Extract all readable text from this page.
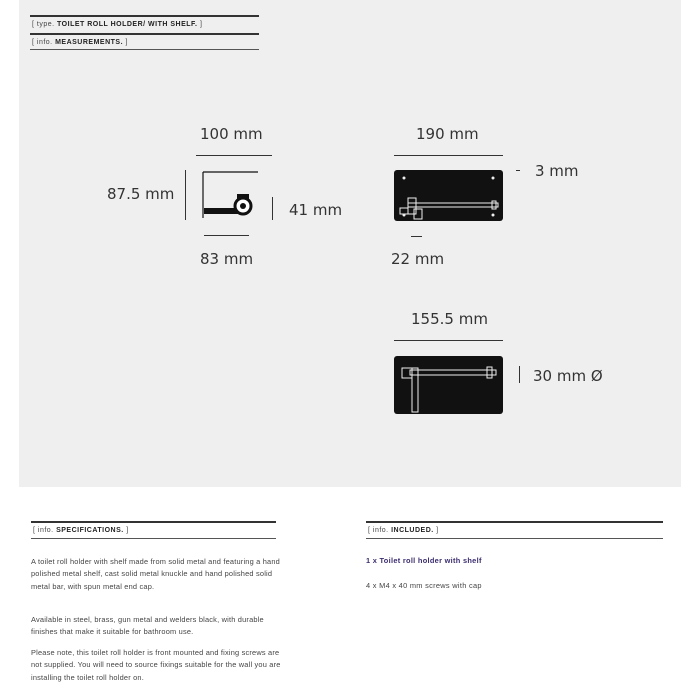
[ type. TOILET ROLL HOLDER/ WITH SHELF. ]
[ info. MEASUREMENTS. ]
100 mm
87.5 mm
41 mm
83 mm
190 mm
3 mm
22 mm
155.5 mm
30 mm Ø
[ info. SPECIFICATIONS. ]

A toilet roll holder with shelf made from solid metal and featuring a hand polished metal shelf, cast solid metal knuckle and hand polished solid metal bar, with spun metal end cap.

Available in steel, brass, gun metal and welders black, with durable finishes that make it suitable for bathroom use.

Please note, this toilet roll holder is front mounted and fixing screws are not supplied. You will need to source fixings suitable for the wall you are installing the toilet roll holder on.

[ info. INCLUDED. ]
1 x Toilet roll holder with shelf
4 x M4 x 40 mm screws with cap
